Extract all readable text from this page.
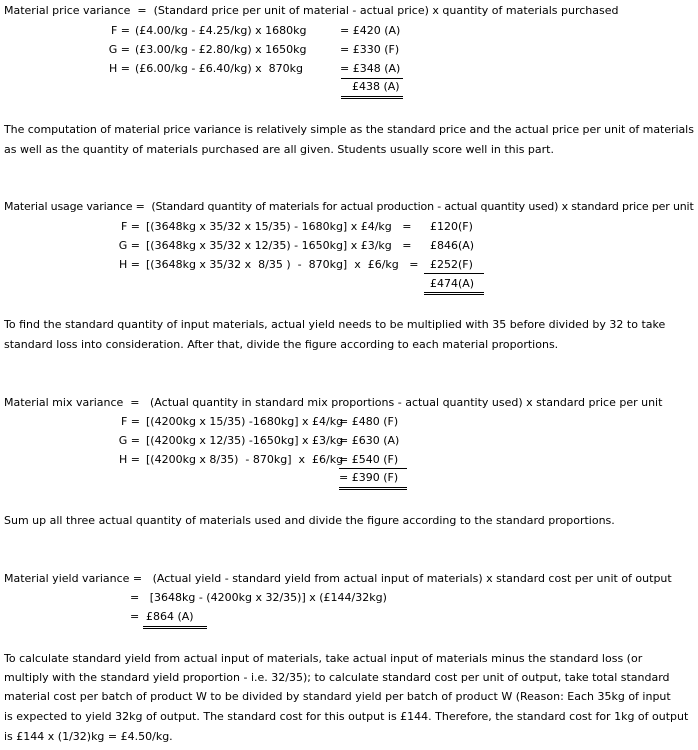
Material price variance  =  (Standard price per unit of material - actual price) x quantity of materials purchased
F = (£4.00/kg - £4.25/kg) x 1680kg	= £420 (A)
G = (£3.00/kg - £2.80/kg) x 1650kg	= £330 (F)
H = (£6.00/kg - £6.40/kg) x  870kg	= £348 (A)
£438 (A)
The computation of material price variance is relatively simple as the standard price and the actual price per unit of materials
as well as the quantity of materials purchased are all given. Students usually score well in this part.
Material usage variance =  (Standard quantity of materials for actual production - actual quantity used) x standard price per unit
F = [(3648kg x 35/32 x 15/35) - 1680kg] x £4/kg   = £120(F)
G = [(3648kg x 35/32 x 12/35) - 1650kg] x £3/kg   = £846(A)
H = [(3648kg x 35/32 x  8/35 )  -  870kg]  x  £6/kg   = £252(F)
£474(A)
To find the standard quantity of input materials, actual yield needs to be multiplied with 35 before divided by 32 to take
standard loss into consideration. After that, divide the figure according to each material proportions.
Material mix variance  =   (Actual quantity in standard mix proportions - actual quantity used) x standard price per unit
F = [(4200kg x 15/35) -1680kg] x £4/kg
= £480 (F)
G = [(4200kg x 12/35) -1650kg] x £3/kg
= £630 (A)
H = [(4200kg x 8/35)  - 870kg]  x  £6/kg
= £540 (F)
= £390 (F)
Sum up all three actual quantity of materials used and divide the figure according to the standard proportions.
Material yield variance =   (Actual yield - standard yield from actual input of materials) x standard cost per unit of output
=   [3648kg - (4200kg x 32/35)] x (£144/32kg)
= £864 (A)
To calculate standard yield from actual input of materials, take actual input of materials minus the standard loss (or
multiply with the standard yield proportion - i.e. 32/35); to calculate standard cost per unit of output, take total standard
material cost per batch of product W to be divided by standard yield per batch of product W (Reason: Each 35kg of input
is expected to yield 32kg of output. The standard cost for this output is £144. Therefore, the standard cost for 1kg of output
is £144 x (1/32)kg = £4.50/kg.
